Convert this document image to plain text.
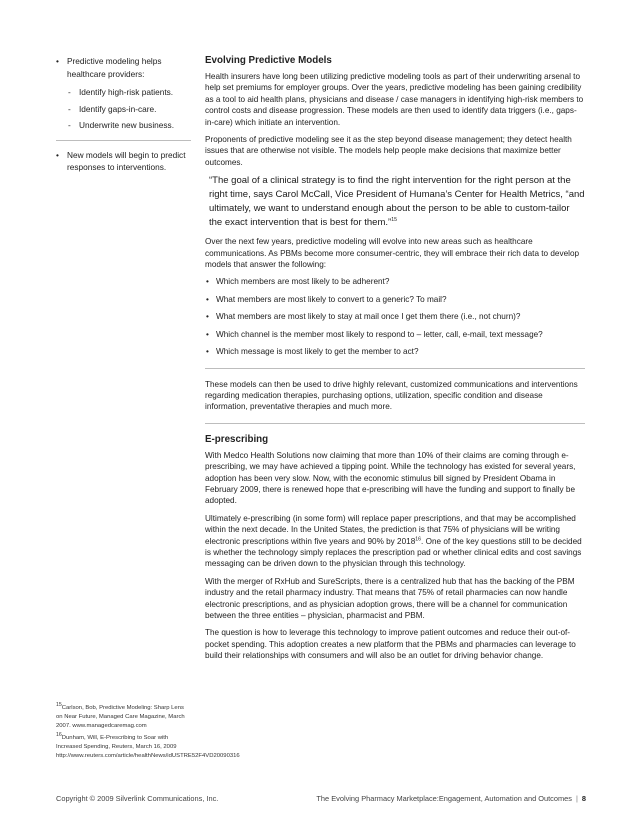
• Predictive modeling helps healthcare providers:
- Identify high-risk patients.
- Identify gaps-in-care.
- Underwrite new business.
• New models will begin to predict responses to interventions.

15Carlson, Bob, Predictive Modeling: Sharp Lens on Near Future, Managed Care Magazine, March 2007. www.managedcaremag.com

16Dunham, Will, E-Prescribing to Soar with Increased Spending, Reuters, March 16, 2009 http://www.reuters.com/article/healthNews/idUSTRE52F4VD20090316

Evolving Predictive Models

Health insurers have long been utilizing predictive modeling tools as part of their underwriting arsenal to help set premiums for employer groups. Over the years, predictive modeling has been gaining credibility as a tool to aid health plans, physicians and disease / case managers in identifying high-risk members to control costs and disease progression. These models are then used to identify data triggers (i.e., gaps-in-care) which initiate an intervention.

Proponents of predictive modeling see it as the step beyond disease management; they detect health issues that are otherwise not visible. The models help people make decisions that maximize better outcomes.

“The goal of a clinical strategy is to find the right intervention for the right person at the right time, says Carol McCall, Vice President of Humana’s Center for Health Metrics, “and ultimately, we want to understand enough about the person to be able to custom-tailor the exact intervention that is best for them.”$^{15}$

Over the next few years, predictive modeling will evolve into new areas such as healthcare communications. As PBMs become more consumer-centric, they will embrace their rich data to develop models that answer the following:

• Which members are most likely to be adherent?
• What members are most likely to convert to a generic? To mail?
• What members are most likely to stay at mail once I get them there (i.e., not churn)?
• Which channel is the member most likely to respond to – letter, call, e-mail, text message?
• Which message is most likely to get the member to act?

These models can then be used to drive highly relevant, customized communications and interventions regarding medication therapies, purchasing options, utilization, specific condition and disease information, preventative therapies and much more.

E-prescribing

With Medco Health Solutions now claiming that more than 10% of their claims are coming through e-prescribing, we may have achieved a tipping point. While the technology has existed for several years, adoption has been very slow. Now, with the economic stimulus bill signed by President Obama in February 2009, there is renewed hope that e-prescribing will have the funding and support to finally be adopted.

Ultimately e-prescribing (in some form) will replace paper prescriptions, and that may be accomplished within the next decade. In the United States, the prediction is that 75% of physicians will be writing electronic prescriptions within five years and 90% by 2018$^{16}$. One of the key questions still to be decided is whether the technology simply replaces the prescription pad or whether clinical edits and cost savings messaging can be driven down to the physician through this technology.

With the merger of RxHub and SureScripts, there is a centralized hub that has the backing of the PBM industry and the retail pharmacy industry. That means that 75% of retail pharmacies can now handle electronic prescriptions, and as physician adoption grows, there will be a channel for communication between the three entities – physician, pharmacist and PBM.

The question is how to leverage this technology to improve patient outcomes and reduce their out-of-pocket spending. This adoption creates a new platform that the PBMs and pharmacies can leverage to build their relationships with consumers and will also be an outlet for driving behavior change.

Copyright © 2009 Silverlink Communications, Inc.	The Evolving Pharmacy Marketplace:Engagement, Automation and Outcomes | 8
